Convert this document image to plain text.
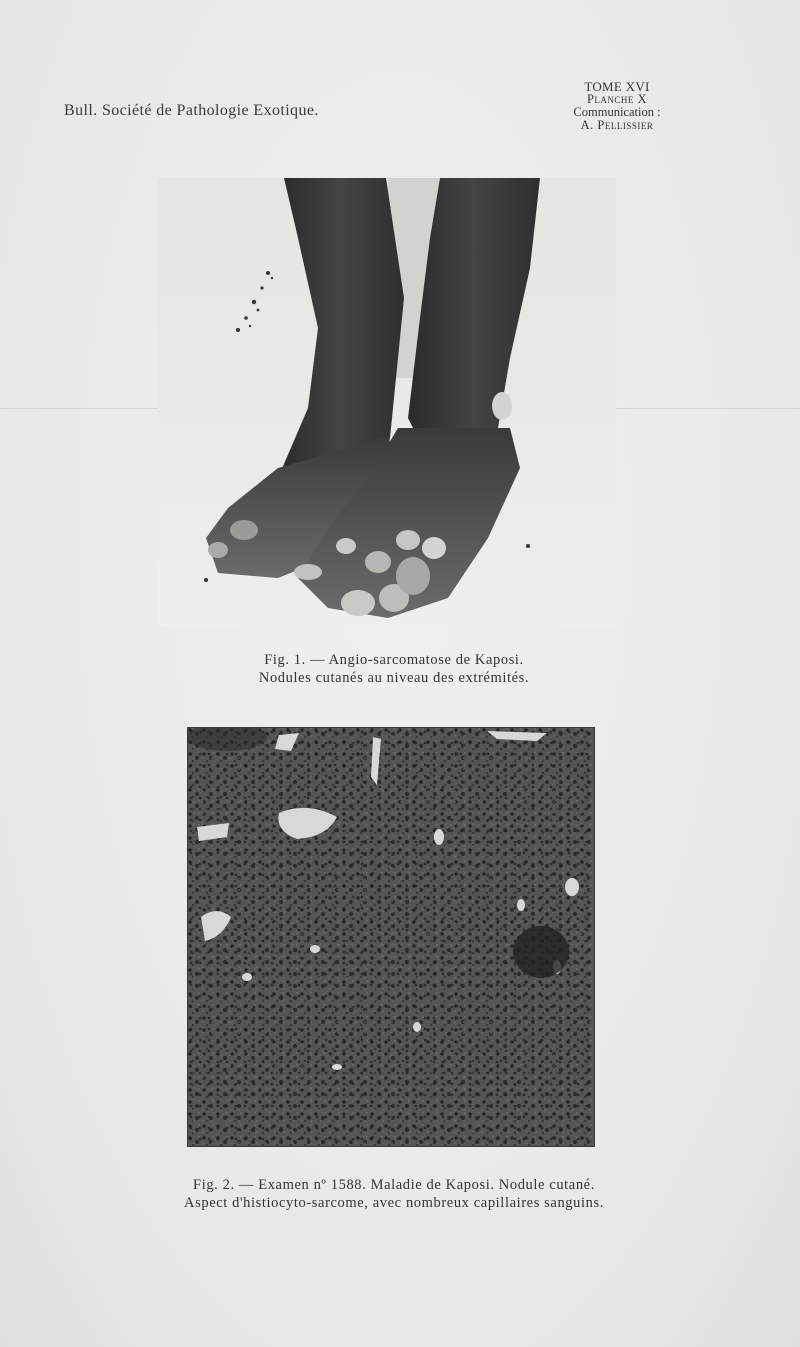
Bull. Société de Pathologie Exotique.
TOME XVI
Planche X
Communication :
A. Pellissier
Fig. 1. — Angio-sarcomatose de Kaposi.
Nodules cutanés au niveau des extrémités.
Fig. 2. — Examen nº 1588. Maladie de Kaposi. Nodule cutané.
Aspect d'histiocyto-sarcome, avec nombreux capillaires sanguins.
